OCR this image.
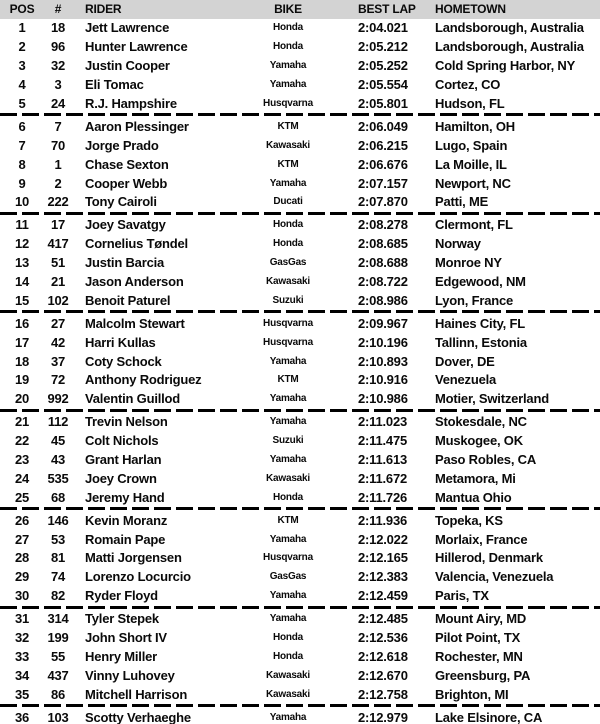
POS	#	RIDER	BIKE	BEST LAP	HOMETOWN
1	18	Jett Lawrence	Honda	2:04.021	Landsborough, Australia
2	96	Hunter Lawrence	Honda	2:05.212	Landsborough, Australia
3	32	Justin Cooper	Yamaha	2:05.252	Cold Spring Harbor, NY
4	3	Eli Tomac	Yamaha	2:05.554	Cortez, CO
5	24	R.J. Hampshire	Husqvarna	2:05.801	Hudson, FL
6	7	Aaron Plessinger	KTM	2:06.049	Hamilton, OH
7	70	Jorge Prado	Kawasaki	2:06.215	Lugo, Spain
8	1	Chase Sexton	KTM	2:06.676	La Moille, IL
9	2	Cooper Webb	Yamaha	2:07.157	Newport, NC
10	222	Tony Cairoli	Ducati	2:07.870	Patti, ME
11	17	Joey Savatgy	Honda	2:08.278	Clermont, FL
12	417	Cornelius Tøndel	Honda	2:08.685	Norway
13	51	Justin Barcia	GasGas	2:08.688	Monroe NY
14	21	Jason Anderson	Kawasaki	2:08.722	Edgewood, NM
15	102	Benoit Paturel	Suzuki	2:08.986	Lyon, France
16	27	Malcolm Stewart	Husqvarna	2:09.967	Haines City, FL
17	42	Harri Kullas	Husqvarna	2:10.196	Tallinn, Estonia
18	37	Coty Schock	Yamaha	2:10.893	Dover, DE
19	72	Anthony Rodriguez	KTM	2:10.916	Venezuela
20	992	Valentin Guillod	Yamaha	2:10.986	Motier, Switzerland
21	112	Trevin Nelson	Yamaha	2:11.023	Stokesdale, NC
22	45	Colt Nichols	Suzuki	2:11.475	Muskogee, OK
23	43	Grant Harlan	Yamaha	2:11.613	Paso Robles, CA
24	535	Joey Crown	Kawasaki	2:11.672	Metamora, Mi
25	68	Jeremy Hand	Honda	2:11.726	Mantua Ohio
26	146	Kevin Moranz	KTM	2:11.936	Topeka, KS
27	53	Romain Pape	Yamaha	2:12.022	Morlaix, France
28	81	Matti Jorgensen	Husqvarna	2:12.165	Hillerod, Denmark
29	74	Lorenzo Locurcio	GasGas	2:12.383	Valencia, Venezuela
30	82	Ryder Floyd	Yamaha	2:12.459	Paris, TX
31	314	Tyler Stepek	Yamaha	2:12.485	Mount Airy, MD
32	199	John Short IV	Honda	2:12.536	Pilot Point, TX
33	55	Henry Miller	Honda	2:12.618	Rochester, MN
34	437	Vinny Luhovey	Kawasaki	2:12.670	Greensburg, PA
35	86	Mitchell Harrison	Kawasaki	2:12.758	Brighton, MI
36	103	Scotty Verhaeghe	Yamaha	2:12.979	Lake Elsinore, CA
